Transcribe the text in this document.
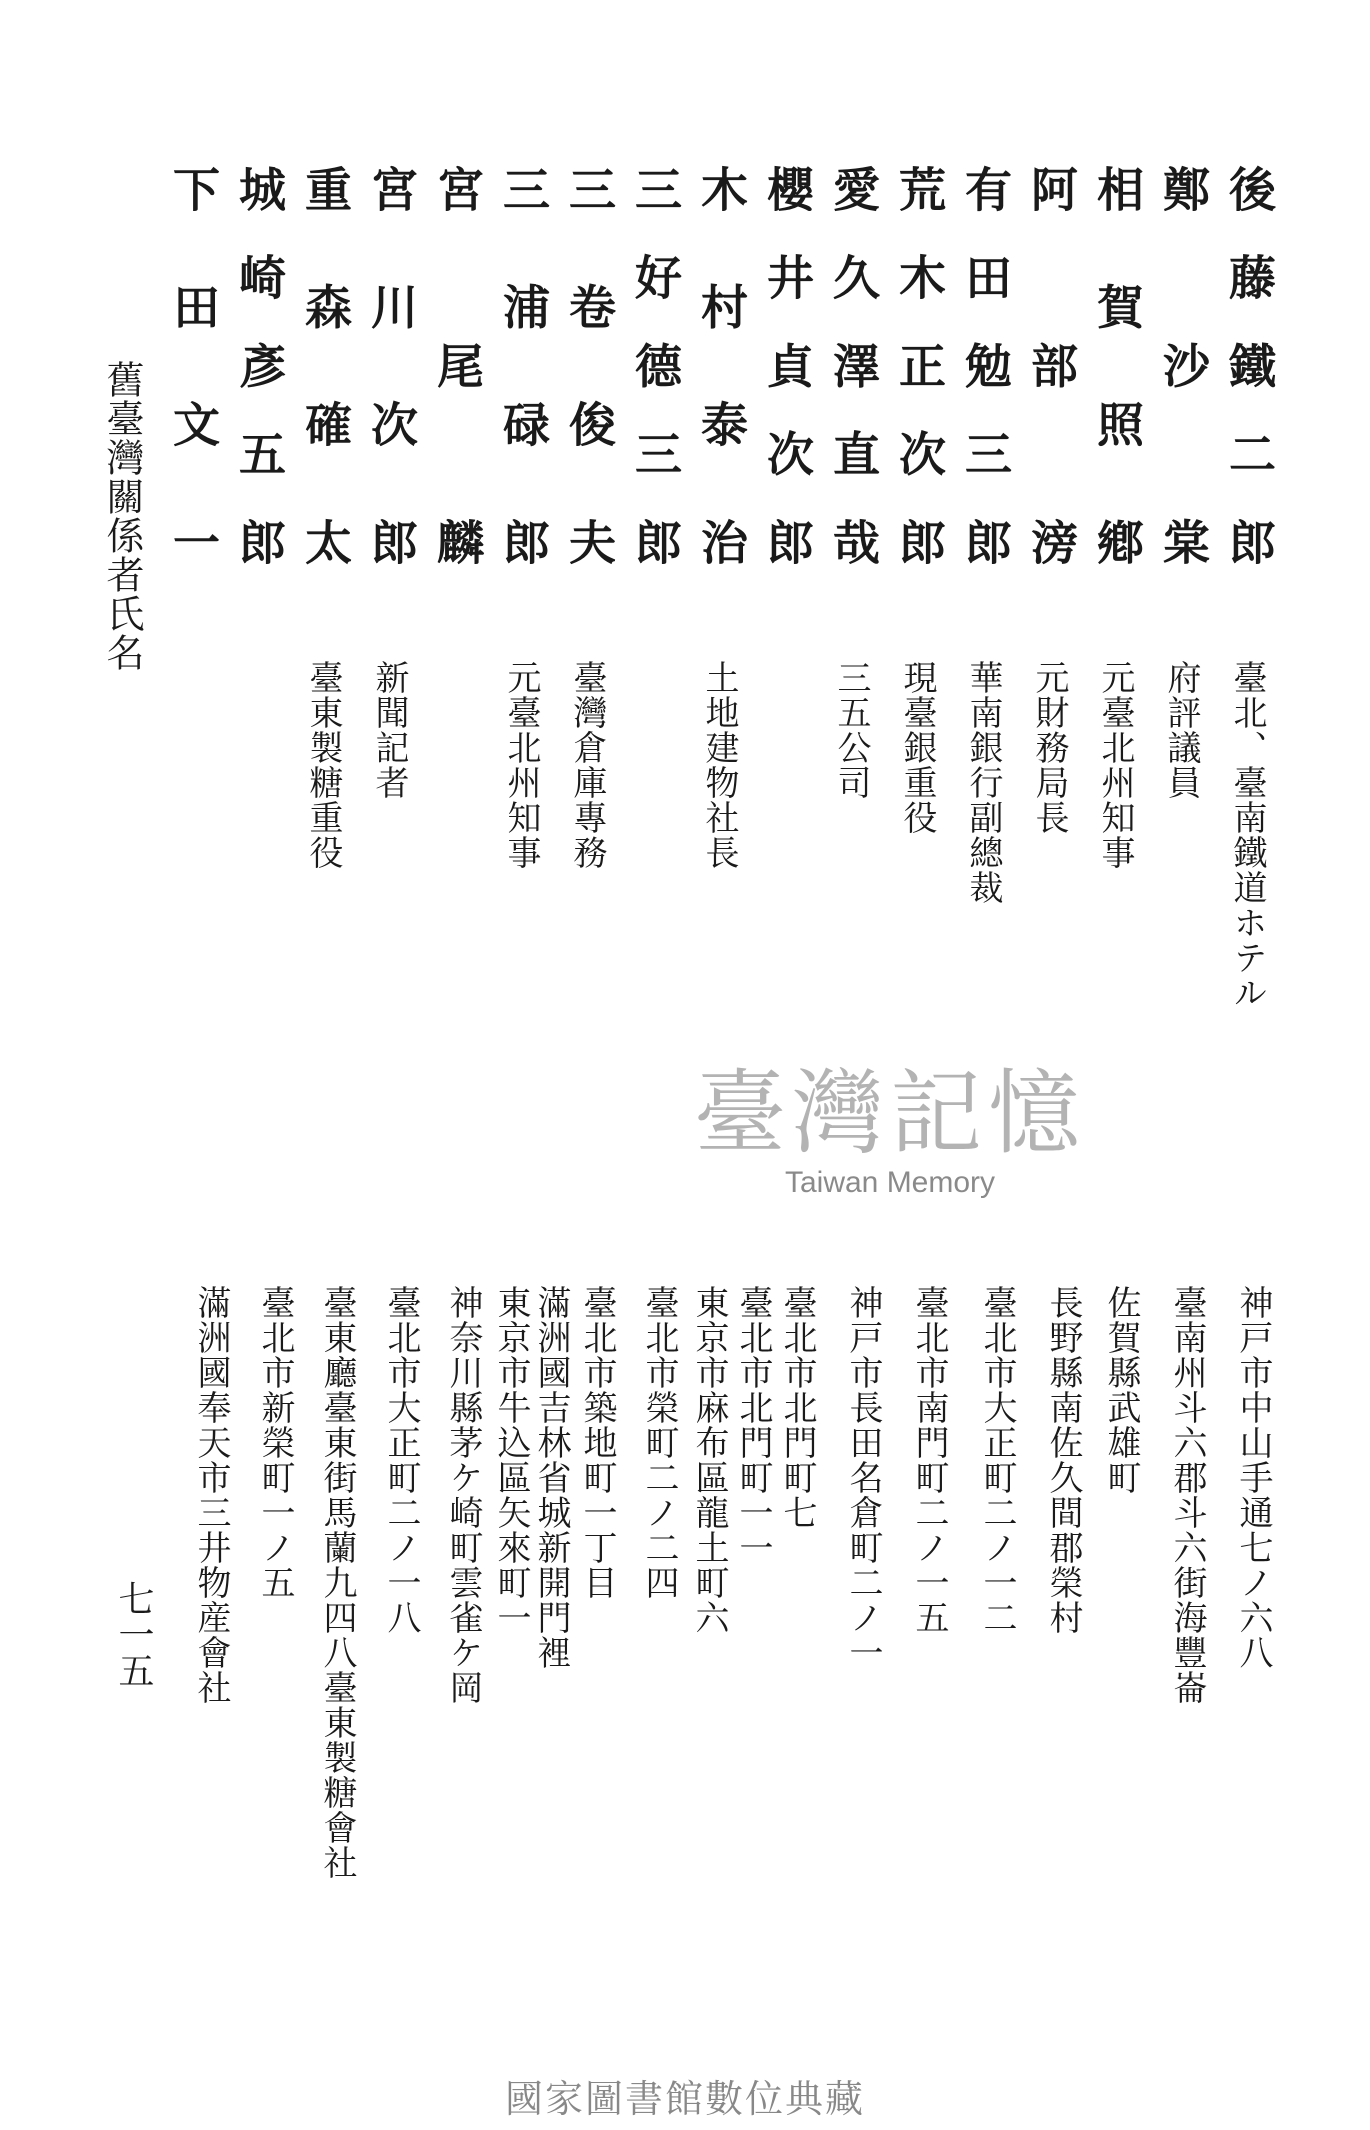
舊臺灣關係者氏名	後藤鐵二郎
鄭沙棠
相賀照鄕
阿部滂
有田勉三郎
荒木正次郎
愛久澤直哉
櫻井貞次郎
木村泰治
三好德三郎
三卷俊夫
三浦碌郎
宮尾麟
宮川次郎
重森確太
城崎彥五郎
下田文一
臺北、臺南鐵道ホテル
府評議員
元臺北州知事
元財務局長
華南銀行副總裁
現臺銀重役
三五公司
土地建物社長
臺灣倉庫專務
元臺北州知事
新聞記者
臺東製糖重役
神戸市中山手通七ノ六八
臺南州斗六郡斗六街海豐崙
佐賀縣武雄町
長野縣南佐久間郡榮村
臺北市大正町二ノ一二
臺北市南門町二ノ一五
神戸市長田名倉町二ノ一
臺北市北門町七
臺北市北門町一一
東京市麻布區龍土町六
臺北市榮町二ノ二四
臺北市築地町一丁目
滿洲國吉林省城新開門裡
東京市牛込區矢來町一
神奈川縣茅ケ崎町雲雀ケ岡
臺北市大正町二ノ一八
臺東廳臺東街馬蘭九四八臺東製糖會社
臺北市新榮町一ノ五
滿洲國奉天市三井物産會社
七一五
臺灣記憶
Taiwan Memory
國家圖書館數位典藏
